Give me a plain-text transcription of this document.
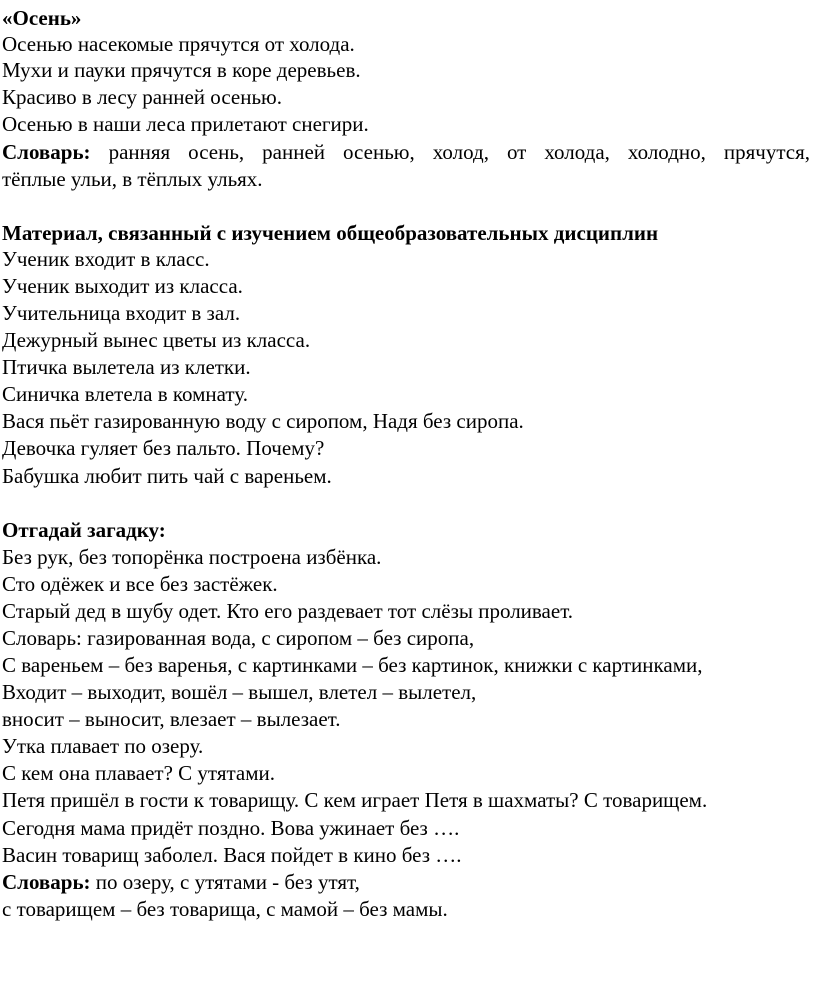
«Осень»
Осенью насекомые прячутся от холода.
Мухи и пауки прячутся в коре деревьев.
Красиво в лесу ранней осенью.
Осенью в наши леса прилетают снегири.
Словарь: ранняя осень, ранней осенью, холод, от холода, холодно, прячутся,
тёплые ульи, в тёплых ульях.
Материал, связанный с изучением общеобразовательных дисциплин
Ученик входит в класс.
Ученик выходит из класса.
Учительница входит в зал.
Дежурный вынес цветы из класса.
Птичка вылетела из клетки.
Синичка влетела в комнату.
Вася пьёт газированную воду с сиропом, Надя без сиропа.
Девочка гуляет без пальто. Почему?
Бабушка любит пить чай с вареньем.
Отгадай загадку:
Без рук, без топорёнка построена избёнка.
Сто одёжек и все без застёжек.
Старый дед в шубу одет. Кто его раздевает тот слёзы проливает.
Словарь: газированная вода, с сиропом – без сиропа,
С вареньем – без варенья, с картинками – без картинок, книжки с картинками,
Входит – выходит, вошёл – вышел, влетел – вылетел,
вносит – выносит, влезает – вылезает.
Утка плавает по озеру.
С кем она плавает? С утятами.
Петя пришёл в гости к товарищу. С кем играет Петя в шахматы? С товарищем.
Сегодня мама придёт поздно. Вова ужинает без ….
Васин товарищ заболел. Вася пойдет в кино без ….
Словарь: по озеру, с утятами - без утят,
с товарищем – без товарища, с мамой – без мамы.
